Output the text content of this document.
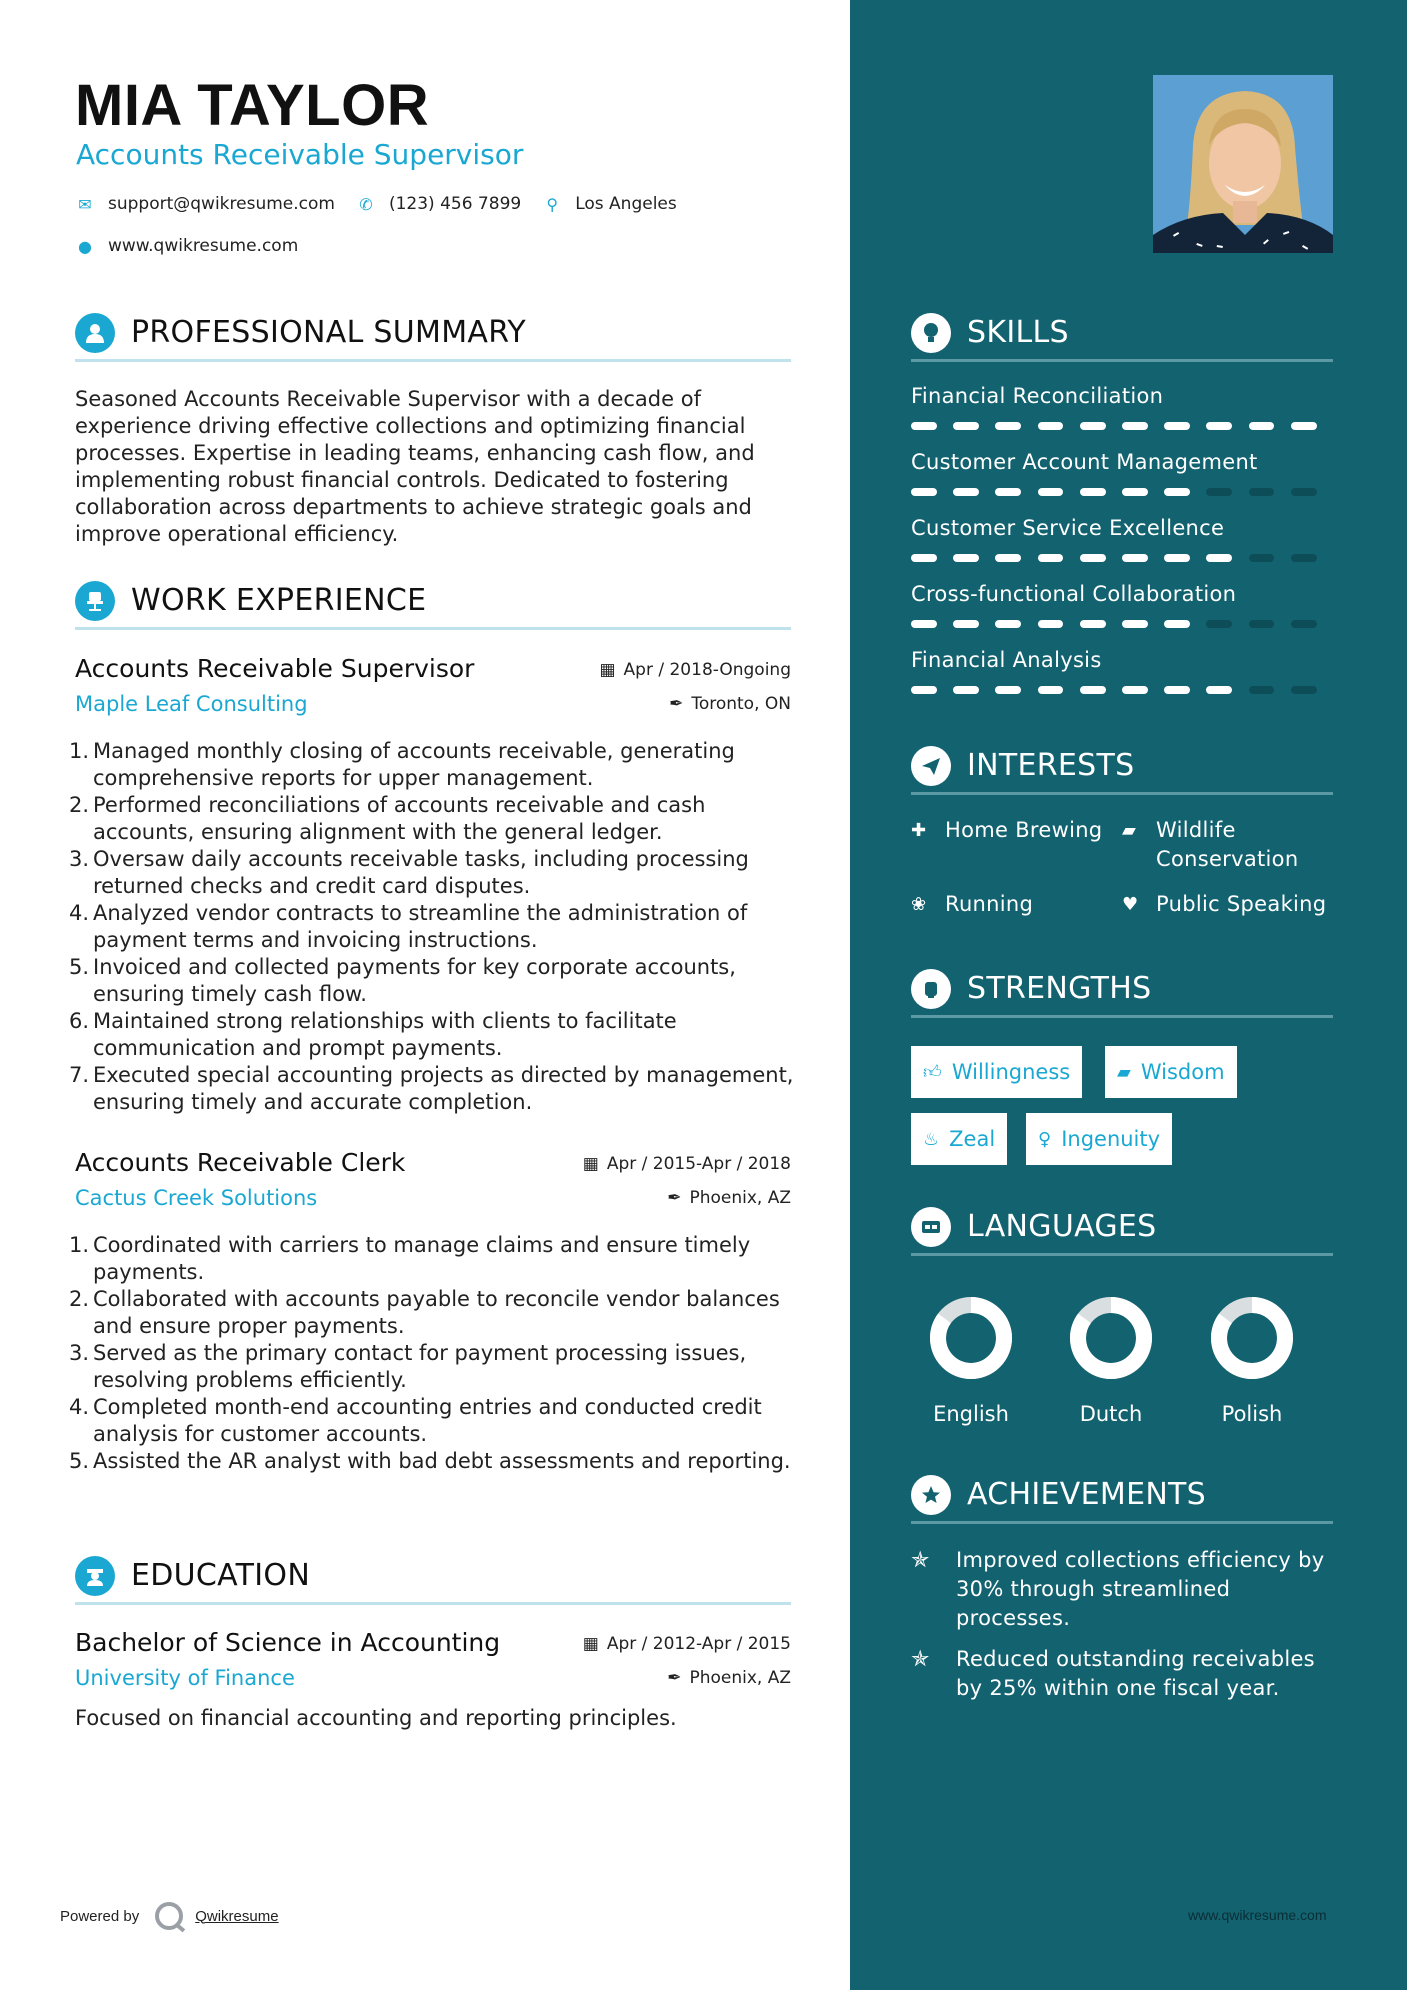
MIA TAYLOR
Accounts Receivable Supervisor
✉ support@qwikresume.com ✆ (123) 456 7899 ⚲ Los Angeles
● www.qwikresume.com
PROFESSIONAL SUMMARY
Seasoned Accounts Receivable Supervisor with a decade of experience driving effective collections and optimizing financial processes. Expertise in leading teams, enhancing cash flow, and implementing robust financial controls. Dedicated to fostering collaboration across departments to achieve strategic goals and improve operational efficiency.
WORK EXPERIENCE
Accounts Receivable Supervisor
Maple Leaf Consulting
▦ Apr / 2018-Ongoing
✒ Toronto, ON
1. Managed monthly closing of accounts receivable, generating comprehensive reports for upper management.
2. Performed reconciliations of accounts receivable and cash accounts, ensuring alignment with the general ledger.
3. Oversaw daily accounts receivable tasks, including processing returned checks and credit card disputes.
4. Analyzed vendor contracts to streamline the administration of payment terms and invoicing instructions.
5. Invoiced and collected payments for key corporate accounts, ensuring timely cash flow.
6. Maintained strong relationships with clients to facilitate communication and prompt payments.
7. Executed special accounting projects as directed by management, ensuring timely and accurate completion.
Accounts Receivable Clerk
Cactus Creek Solutions
▦ Apr / 2015-Apr / 2018
✒ Phoenix, AZ
1. Coordinated with carriers to manage claims and ensure timely payments.
2. Collaborated with accounts payable to reconcile vendor balances and ensure proper payments.
3. Served as the primary contact for payment processing issues, resolving problems efficiently.
4. Completed month-end accounting entries and conducted credit analysis for customer accounts.
5. Assisted the AR analyst with bad debt assessments and reporting.
EDUCATION
Bachelor of Science in Accounting
University of Finance
▦ Apr / 2012-Apr / 2015
✒ Phoenix, AZ
Focused on financial accounting and reporting principles.
SKILLS
Financial Reconciliation
Customer Account Management
Customer Service Excellence
Cross-functional Collaboration
Financial Analysis
INTERESTS
✚ Home Brewing ▰ Wildlife Conservation
❀ Running	♥ Public Speaking
STRENGTHS
👍︎ Willingness	▰ Wisdom
♨ Zeal ♀ Ingenuity
LANGUAGES
English	Dutch	Polish
ACHIEVEMENTS
✯	Improved collections efficiency by 30% through streamlined processes.
✯	Reduced outstanding receivables by 25% within one fiscal year.
Powered by	Qwikresume	www.qwikresume.com
